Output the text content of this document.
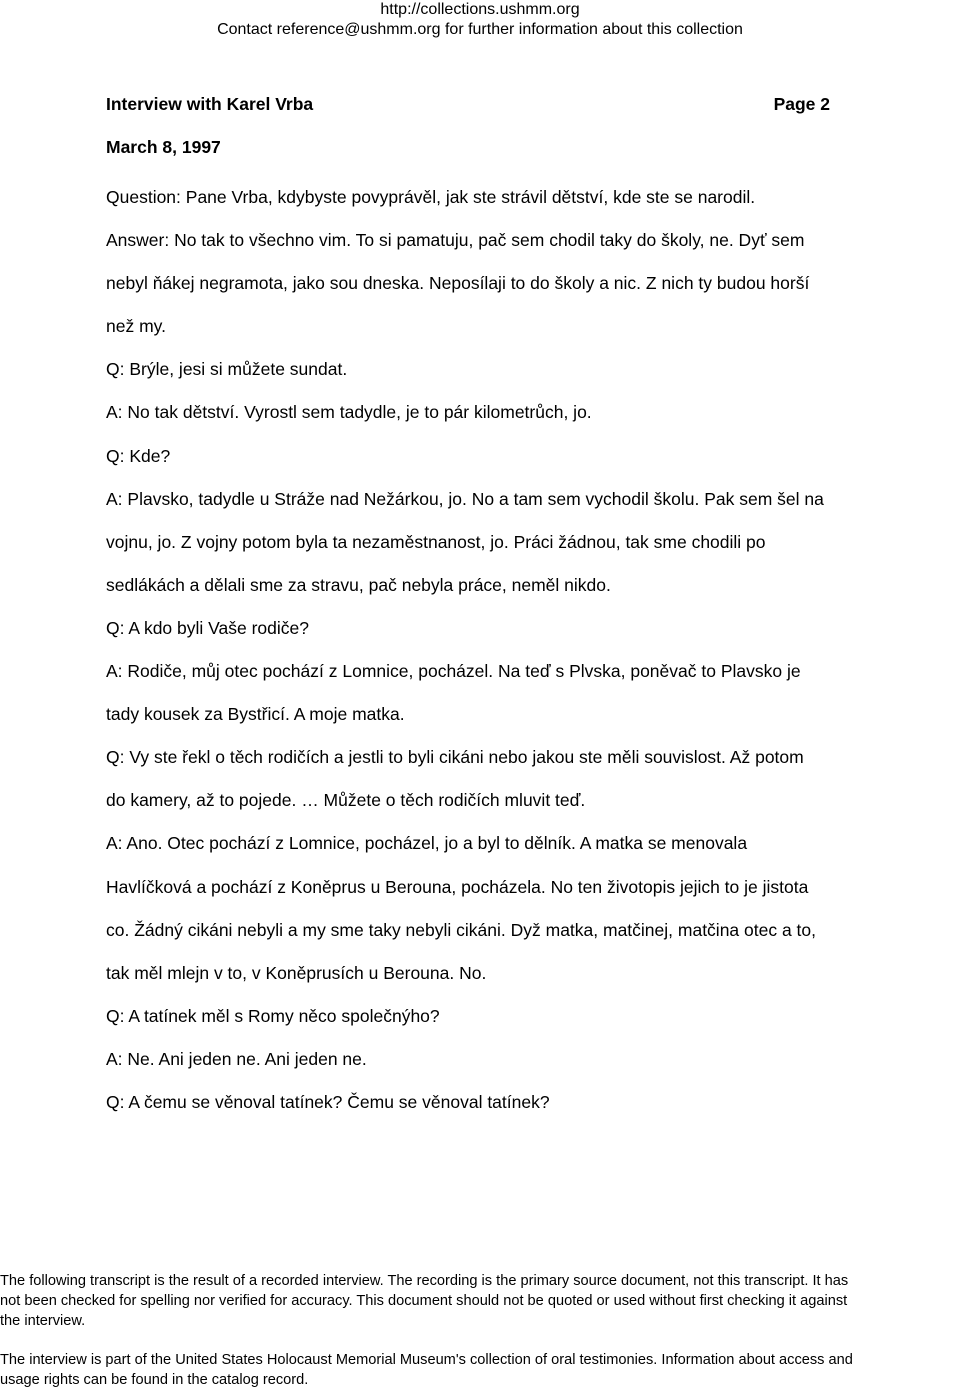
http://collections.ushmm.org
Contact reference@ushmm.org for further information about this collection
Interview with Karel Vrba	Page 2
March 8, 1997

Question: Pane Vrba, kdybyste povyprávěl, jak ste strávil dětství, kde ste se narodil.

Answer: No tak to všechno vim. To si pamatuju, pač sem chodil taky do školy, ne. Dyť sem

nebyl ňákej negramota, jako sou dneska. Neposílaji to do školy a nic. Z nich ty budou horší

než my.

Q: Brýle, jesi si můžete sundat.

A: No tak dětství. Vyrostl sem tadydle, je to pár kilometrůch, jo.

Q: Kde?

A: Plavsko, tadydle u Stráže nad Nežárkou, jo. No a tam sem vychodil školu. Pak sem šel na

vojnu, jo. Z vojny potom byla ta nezaměstnanost, jo. Práci žádnou, tak sme chodili po

sedlákách a dělali sme za stravu, pač nebyla práce, neměl nikdo.

Q: A kdo byli Vaše rodiče?

A: Rodiče, můj otec pochází z Lomnice, pocházel. Na teď s Plvska, poněvač to Plavsko je

tady kousek za Bystřicí. A moje matka.

Q: Vy ste řekl o těch rodičích a jestli to byli cikáni nebo jakou ste měli souvislost. Až potom

do kamery, až to pojede. … Můžete o těch rodičích mluvit teď.

A: Ano. Otec pochází z Lomnice, pocházel, jo a byl to dělník. A matka se menovala

Havlíčková a pochází z Koněprus u Berouna, pocházela. No ten životopis jejich to je jistota

co. Žádný cikáni nebyli a my sme taky nebyli cikáni. Dyž matka, matčinej, matčina otec a to,

tak měl mlejn v to, v Koněprusích u Berouna. No.

Q: A tatínek měl s Romy něco společnýho?

A: Ne. Ani jeden ne. Ani jeden ne.

Q: A čemu se věnoval tatínek? Čemu se věnoval tatínek?

The following transcript is the result of a recorded interview. The recording is the primary source document, not this transcript. It has

not been checked for spelling nor verified for accuracy. This document should not be quoted or used without first checking it against

the interview.

The interview is part of the United States Holocaust Memorial Museum's collection of oral testimonies. Information about access and

usage rights can be found in the catalog record.
